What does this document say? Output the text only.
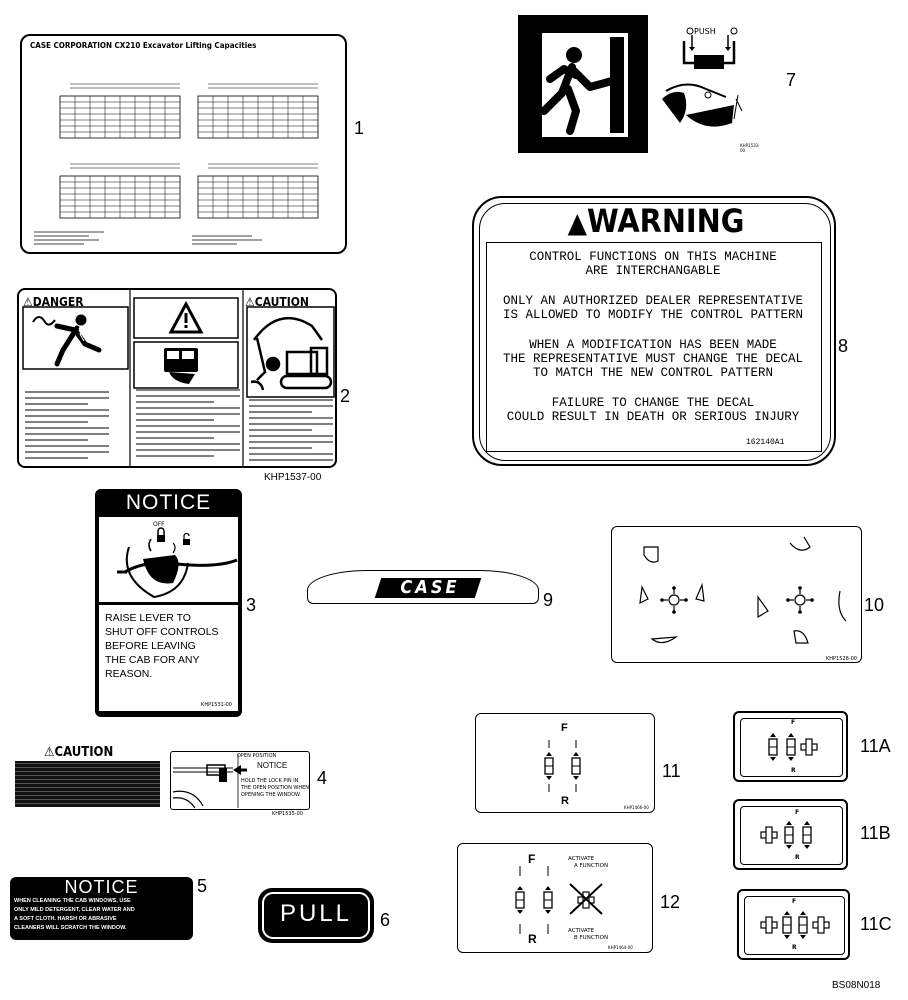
CASE CORPORATION CX210 Excavator Lifting Capacities
1
⚠DANGER	⚠CAUTION
KHP1537-00
2
NOTICE
OFF
RAISE LEVER TO
SHUT OFF CONTROLS
BEFORE LEAVING
THE CAB FOR ANY
REASON.
KHP1531-00
3
⚠CAUTION	OPEN POSITION
NOTICE
HOLD THE LOCK PIN IN
THE OPEN POSITION WHEN
OPENING THE WINDOW.
KHP1535-00
4
NOTICE
WHEN CLEANING THE CAB WINDOWS, USE
ONLY MILD DETERGENT, CLEAR WATER AND
A SOFT CLOTH. HARSH OR ABRASIVE
CLEANERS WILL SCRATCH THE WINDOW.
5
PULL	6
PUSH
KHP1533-00
7
▲WARNING
CONTROL FUNCTIONS ON THIS MACHINE
ARE INTERCHANGABLE
ONLY AN AUTHORIZED DEALER REPRESENTATIVE
IS ALLOWED TO MODIFY THE CONTROL PATTERN
WHEN A MODIFICATION HAS BEEN MADE
THE REPRESENTATIVE MUST CHANGE THE DECAL
TO MATCH THE NEW CONTROL PATTERN
FAILURE TO CHANGE THE DECAL
COULD RESULT IN DEATH OR SERIOUS INJURY
162140A1
8
CASE
9
KHP1528-00
10
F
R
KHP1466-00
11
F
R
ACTIVATE
A FUNCTION
ACTIVATE
B FUNCTION
KHP1464-00
12
F
R
11A
F
R
11B
F
R
11C
BS08N018
